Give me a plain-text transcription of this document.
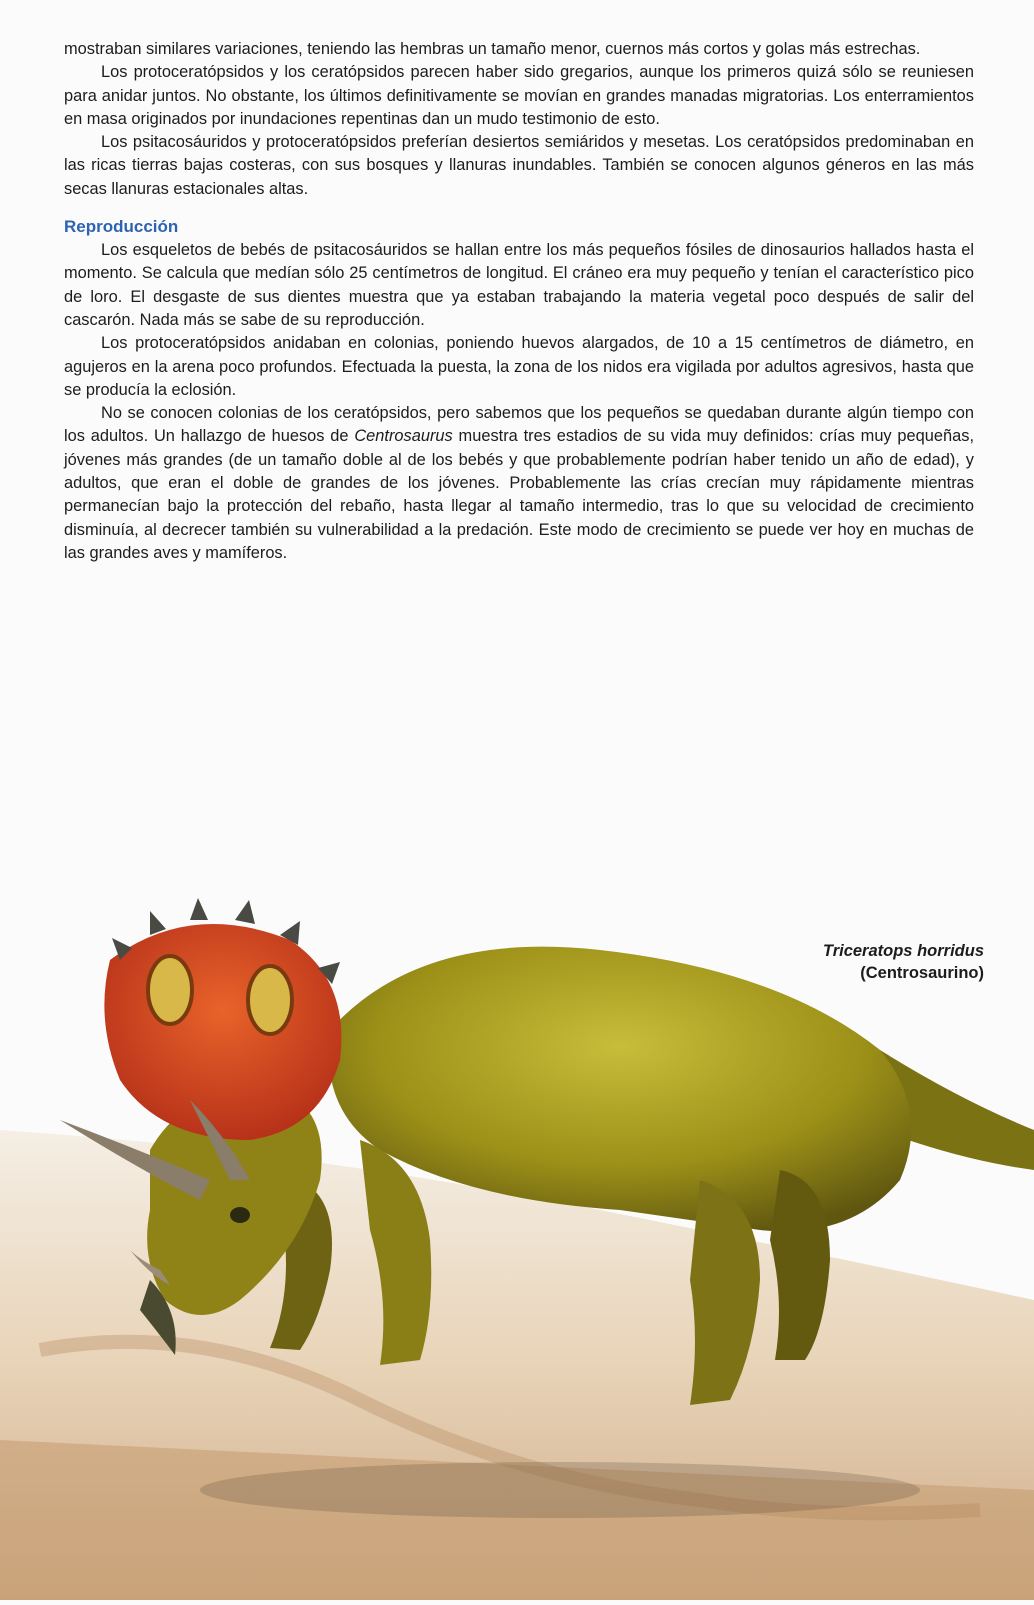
mostraban similares variaciones, teniendo las hembras un tamaño menor, cuernos más cortos y golas más estrechas.

Los protoceratópsidos y los ceratópsidos parecen haber sido gregarios, aunque los primeros quizá sólo se reuniesen para anidar juntos. No obstante, los últimos definitivamente se movían en grandes manadas migratorias. Los enterramientos en masa originados por inundaciones repentinas dan un mudo testimonio de esto.

Los psitacosáuridos y protoceratópsidos preferían desiertos semiáridos y mesetas. Los ceratópsidos predominaban en las ricas tierras bajas costeras, con sus bosques y llanuras inundables. También se conocen algunos géneros en las más secas llanuras estacionales altas.

Reproducción

Los esqueletos de bebés de psitacosáuridos se hallan entre los más pequeños fósiles de dinosaurios hallados hasta el momento. Se calcula que medían sólo 25 centímetros de longitud. El cráneo era muy pequeño y tenían el característico pico de loro. El desgaste de sus dientes muestra que ya estaban trabajando la materia vegetal poco después de salir del cascarón. Nada más se sabe de su reproducción.

Los protoceratópsidos anidaban en colonias, poniendo huevos alargados, de 10 a 15 centímetros de diámetro, en agujeros en la arena poco profundos. Efectuada la puesta, la zona de los nidos era vigilada por adultos agresivos, hasta que se producía la eclosión.

No se conocen colonias de los ceratópsidos, pero sabemos que los pequeños se quedaban durante algún tiempo con los adultos. Un hallazgo de huesos de Centrosaurus muestra tres estadios de su vida muy definidos: crías muy pequeñas, jóvenes más grandes (de un tamaño doble al de los bebés y que probablemente podrían haber tenido un año de edad), y adultos, que eran el doble de grandes de los jóvenes. Probablemente las crías crecían muy rápidamente mientras permanecían bajo la protección del rebaño, hasta llegar al tamaño intermedio, tras lo que su velocidad de crecimiento disminuía, al decrecer también su vulnerabilidad a la predación. Este modo de crecimiento se puede ver hoy en muchas de las grandes aves y mamíferos.

Triceratops horridus
(Centrosaurino)
